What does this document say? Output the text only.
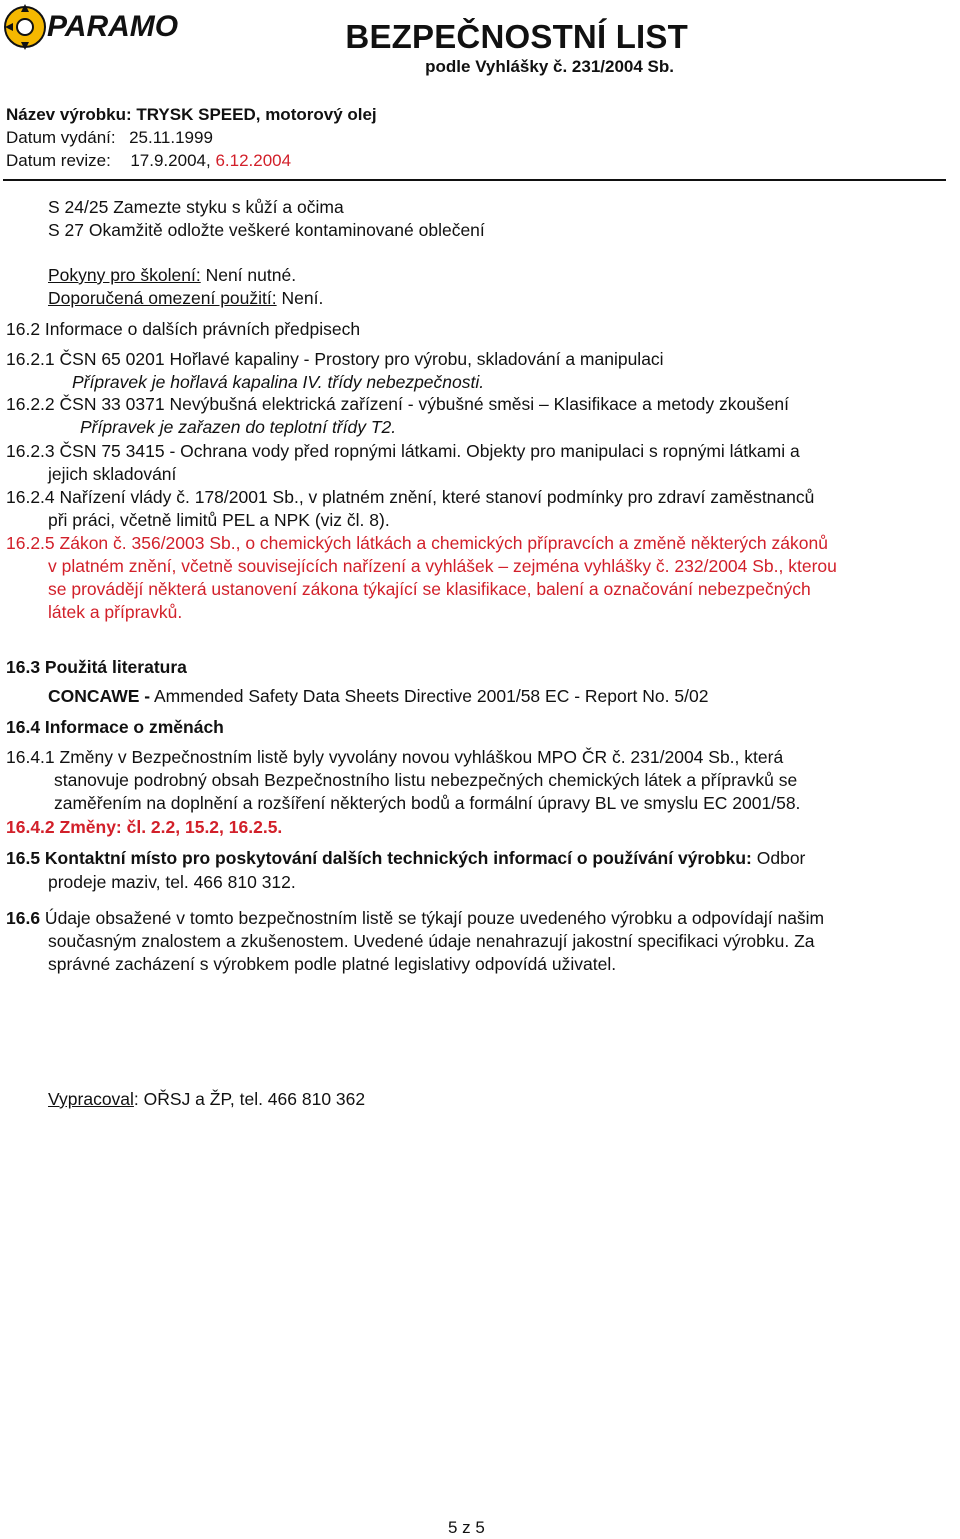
PARAMO	BEZPEČNOSTNÍ LIST
podle Vyhlášky č. 231/2004 Sb.
Název výrobku: TRYSK SPEED, motorový olej
Datum vydání: 25.11.1999
Datum revize: 17.9.2004, 6.12.2004
S 24/25 Zamezte styku s kůží a očima
S 27 Okamžitě odložte veškeré kontaminované oblečení
Pokyny pro školení: Není nutné.
Doporučená omezení použití: Není.
16.2 Informace o dalších právních předpisech
16.2.1 ČSN 65 0201 Hořlavé kapaliny - Prostory pro výrobu, skladování a manipulaci
Přípravek je hořlavá kapalina IV. třídy nebezpečnosti.
16.2.2 ČSN 33 0371 Nevýbušná elektrická zařízení - výbušné směsi – Klasifikace a metody zkoušení
Přípravek je zařazen do teplotní třídy T2.
16.2.3 ČSN 75 3415 - Ochrana vody před ropnými látkami. Objekty pro manipulaci s ropnými látkami a
jejich skladování
16.2.4 Nařízení vlády č. 178/2001 Sb., v platném znění, které stanoví podmínky pro zdraví zaměstnanců
při práci, včetně limitů PEL a NPK (viz čl. 8).
16.2.5 Zákon č. 356/2003 Sb., o chemických látkách a chemických přípravcích a změně některých zákonů
v platném znění, včetně souvisejících nařízení a vyhlášek – zejména vyhlášky č. 232/2004 Sb., kterou
se provádějí některá ustanovení zákona týkající se klasifikace, balení a označování nebezpečných
látek a přípravků.
16.3 Použitá literatura
CONCAWE - Ammended Safety Data Sheets Directive 2001/58 EC - Report No. 5/02
16.4 Informace o změnách
16.4.1 Změny v Bezpečnostním listě byly vyvolány novou vyhláškou MPO ČR č. 231/2004 Sb., která
stanovuje podrobný obsah Bezpečnostního listu nebezpečných chemických látek a přípravků se
zaměřením na doplnění a rozšíření některých bodů a formální úpravy BL ve smyslu EC 2001/58.
16.4.2 Změny: čl. 2.2, 15.2, 16.2.5.
16.5 Kontaktní místo pro poskytování dalších technických informací o používání výrobku: Odbor
prodeje maziv, tel. 466 810 312.
16.6 Údaje obsažené v tomto bezpečnostním listě se týkají pouze uvedeného výrobku a odpovídají našim
současným znalostem a zkušenostem. Uvedené údaje nenahrazují jakostní specifikaci výrobku. Za
správné zacházení s výrobkem podle platné legislativy odpovídá uživatel.
Vypracoval: OŘSJ a ŽP, tel. 466 810 362
5 z 5
